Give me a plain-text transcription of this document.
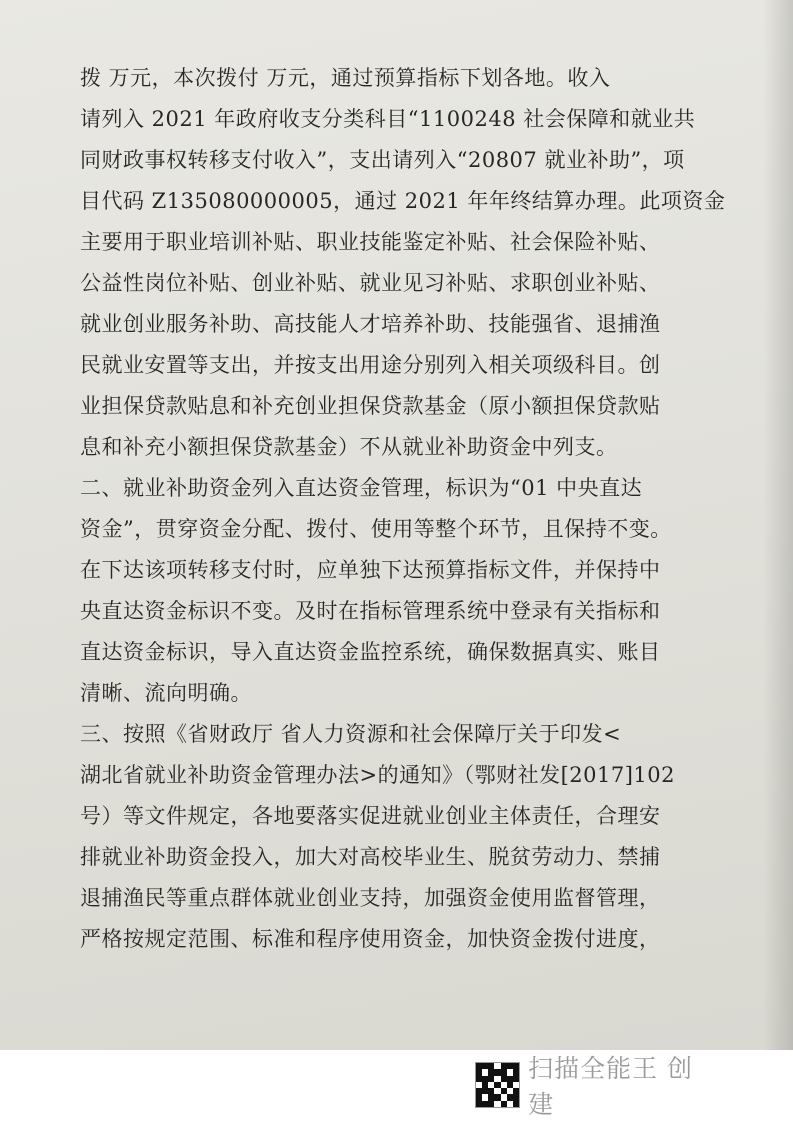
拨 万元，本次拨付 万元，通过预算指标下划各地。收入
请列入 2021 年政府收支分类科目“1100248 社会保障和就业共
同财政事权转移支付收入”，支出请列入“20807 就业补助”，项
目代码 Z135080000005，通过 2021 年年终结算办理。此项资金
主要用于职业培训补贴、职业技能鉴定补贴、社会保险补贴、
公益性岗位补贴、创业补贴、就业见习补贴、求职创业补贴、
就业创业服务补助、高技能人才培养补助、技能强省、退捕渔
民就业安置等支出，并按支出用途分别列入相关项级科目。创
业担保贷款贴息和补充创业担保贷款基金（原小额担保贷款贴
息和补充小额担保贷款基金）不从就业补助资金中列支。
二、就业补助资金列入直达资金管理，标识为“01 中央直达
资金”，贯穿资金分配、拨付、使用等整个环节，且保持不变。
在下达该项转移支付时，应单独下达预算指标文件，并保持中
央直达资金标识不变。及时在指标管理系统中登录有关指标和
直达资金标识，导入直达资金监控系统，确保数据真实、账目
清晰、流向明确。
三、按照《省财政厅 省人力资源和社会保障厅关于印发<
湖北省就业补助资金管理办法>的通知》（鄂财社发[2017]102
号）等文件规定，各地要落实促进就业创业主体责任，合理安
排就业补助资金投入，加大对高校毕业生、脱贫劳动力、禁捕
退捕渔民等重点群体就业创业支持，加强资金使用监督管理，
严格按规定范围、标准和程序使用资金，加快资金拨付进度，
扫描全能王 创建
